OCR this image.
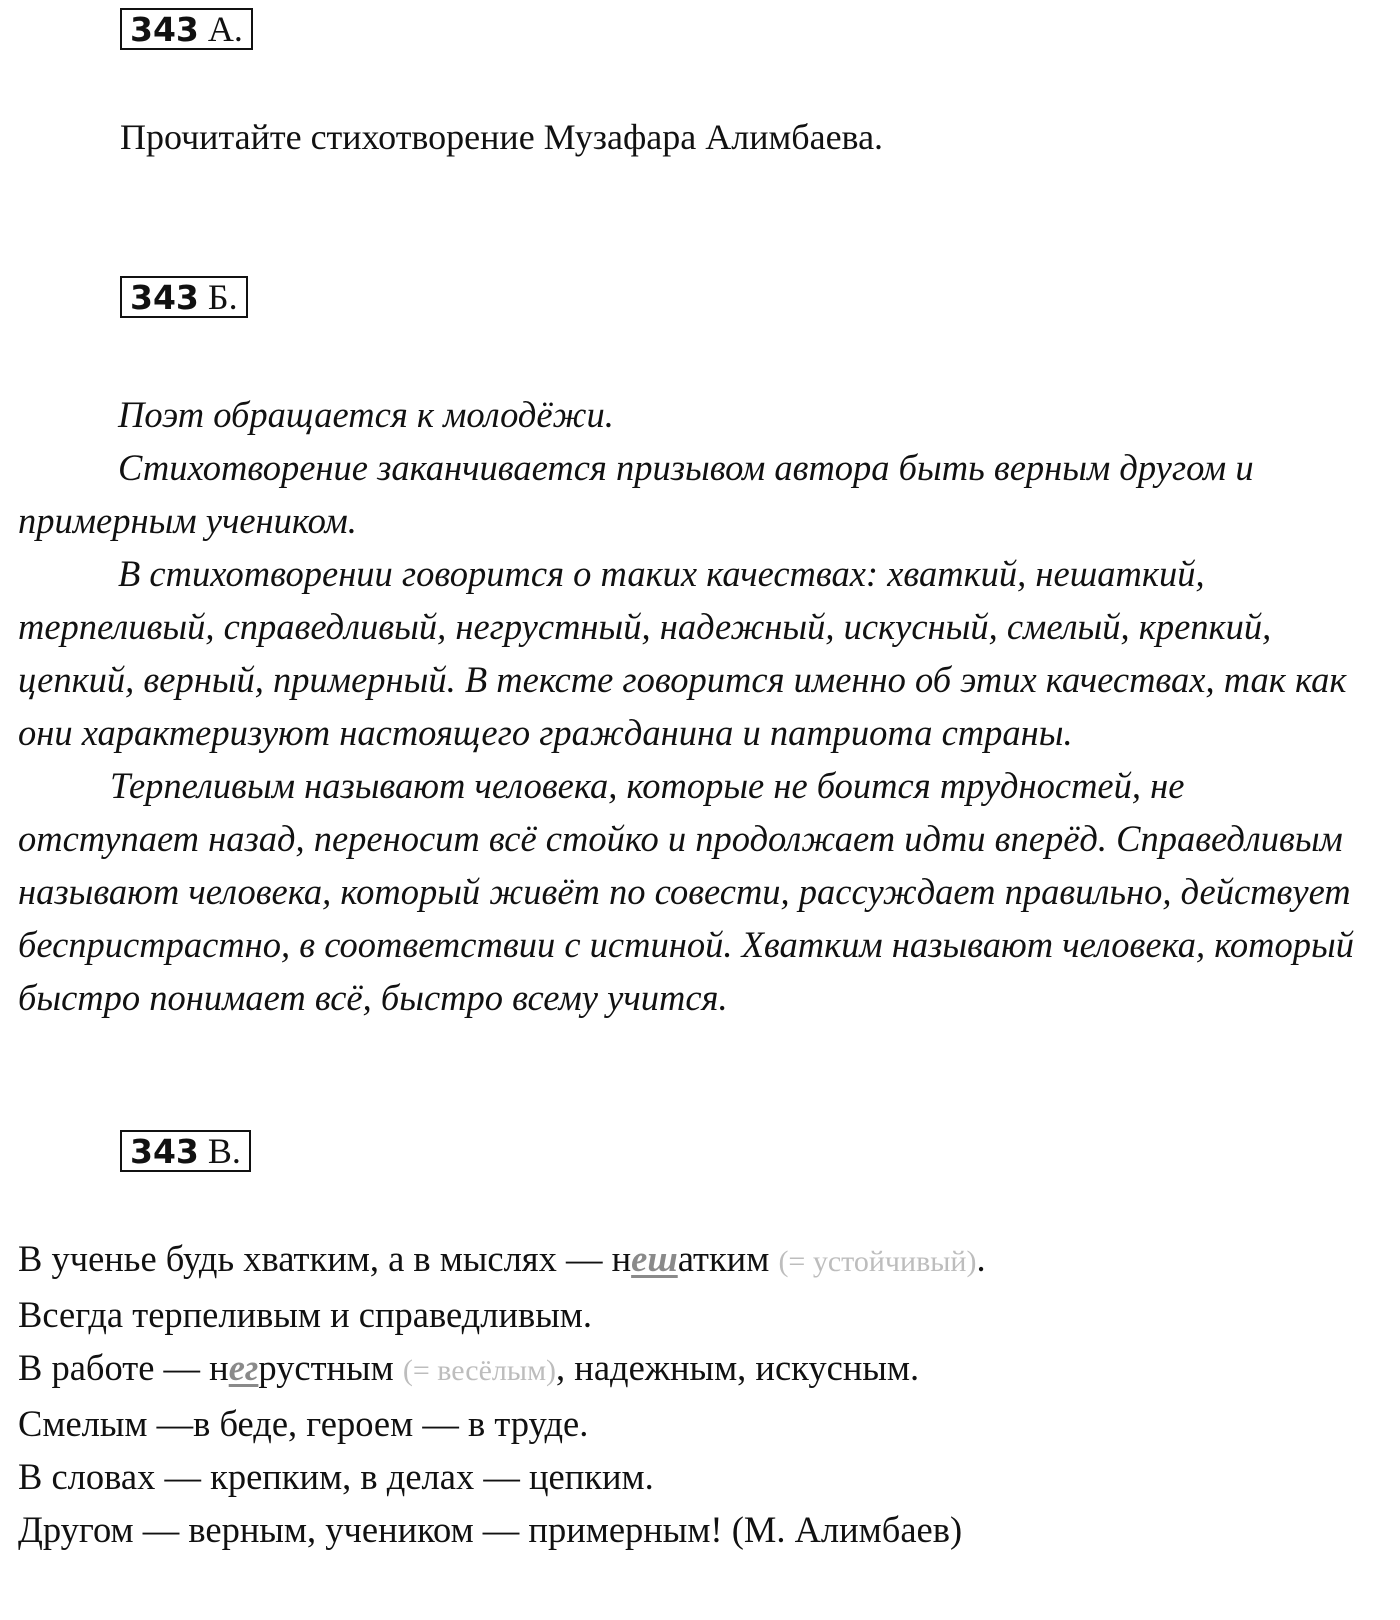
343 А.
Прочитайте стихотворение Музафара Алимбаева.
343 Б.

Поэт обращается к молодёжи.

Стихотворение заканчивается призывом автора быть верным другом и примерным учеником.

В стихотворении говорится о таких качествах: хваткий, нешаткий, терпеливый, справедливый, негрустный, надежный, искусный, смелый, крепкий, цепкий, верный, примерный. В тексте говорится именно об этих качествах, так как они характеризуют настоящего гражданина и патриота страны.

Терпеливым называют человека, которые не боится трудностей, не отступает назад, переносит всё стойко и продолжает идти вперёд. Справедливым называют человека, который живёт по совести, рассуждает правильно, действует беспристрастно, в соответствии с истиной. Хватким называют человека, который быстро понимает всё, быстро всему учится.

343 В.
В ученье будь хватким, а в мыслях — нешатким (= устойчивый).
Всегда терпеливым и справедливым.
В работе — негрустным (= весёлым), надежным, искусным.
Смелым —в беде, героем — в труде.
В словах — крепким, в делах — цепким.
Другом — верным, учеником — примерным! (М. Алимбаев)
